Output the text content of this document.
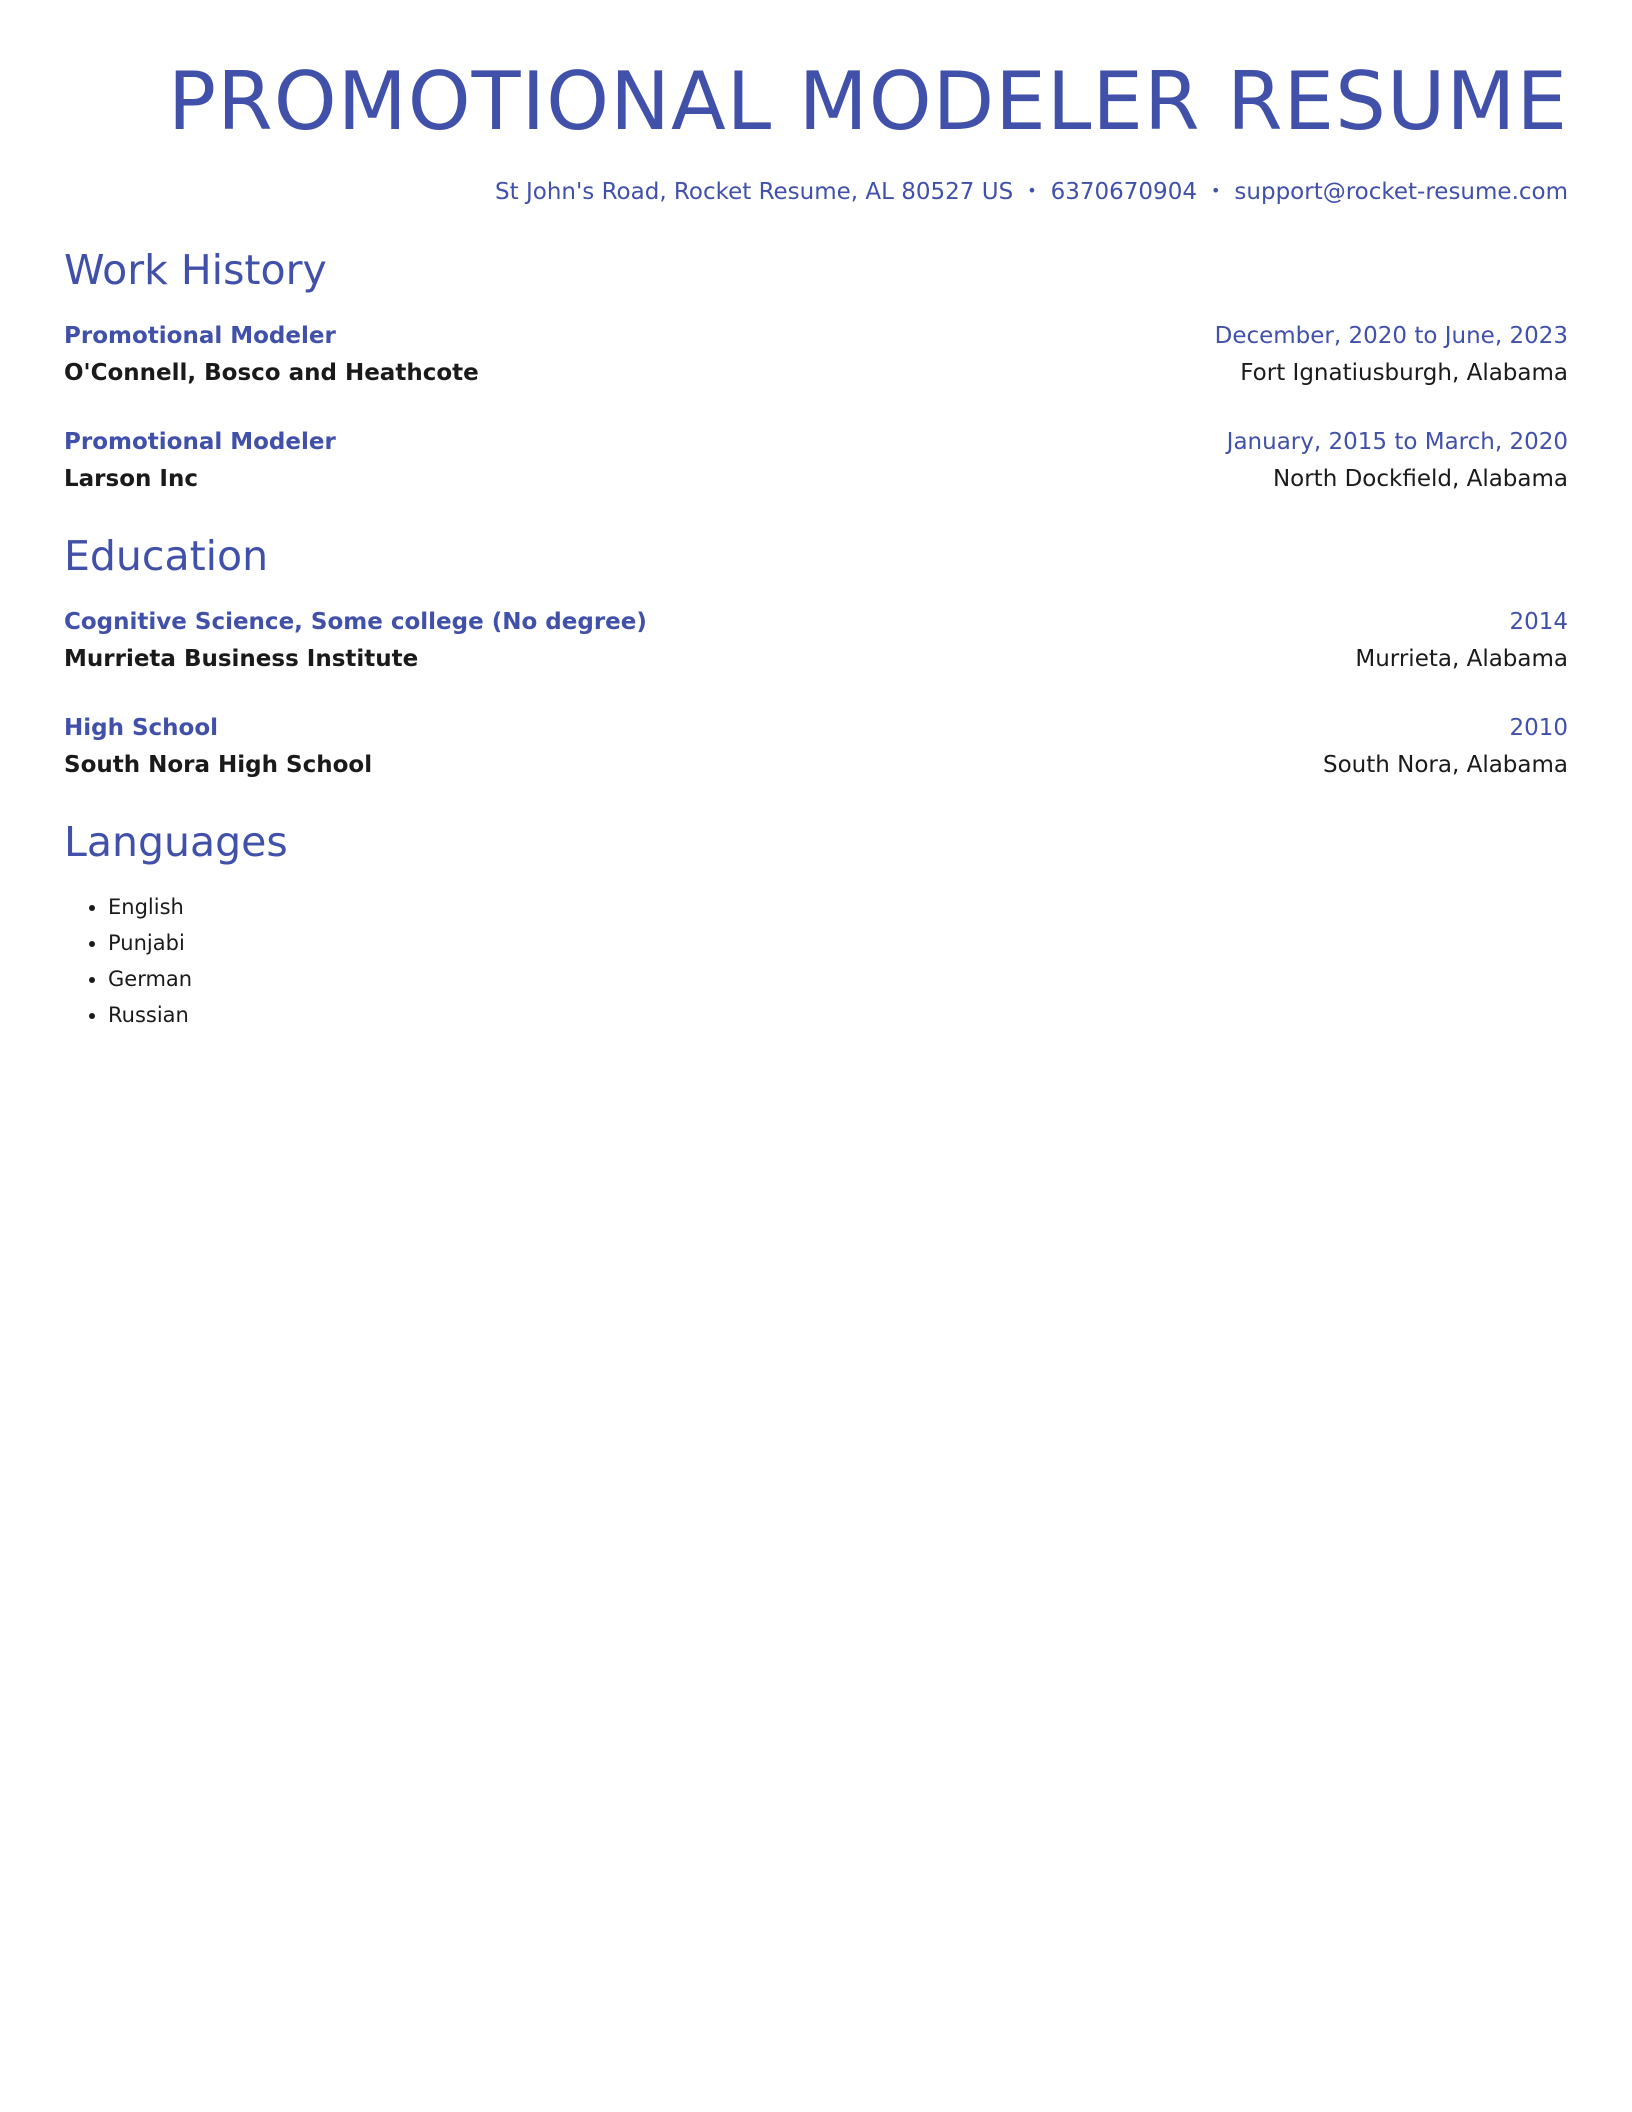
PROMOTIONAL MODELER RESUME
St John's Road, Rocket Resume, AL 80527 US • 6370670904 • support@rocket-resume.com
Work History
Promotional Modeler	December, 2020 to June, 2023
O'Connell, Bosco and Heathcote	Fort Ignatiusburgh, Alabama
Promotional Modeler	January, 2015 to March, 2020
Larson Inc	North Dockfield, Alabama
Education
Cognitive Science, Some college (No degree)	2014
Murrieta Business Institute	Murrieta, Alabama
High School	2010
South Nora High School	South Nora, Alabama
Languages
• English
• Punjabi
• German
• Russian
